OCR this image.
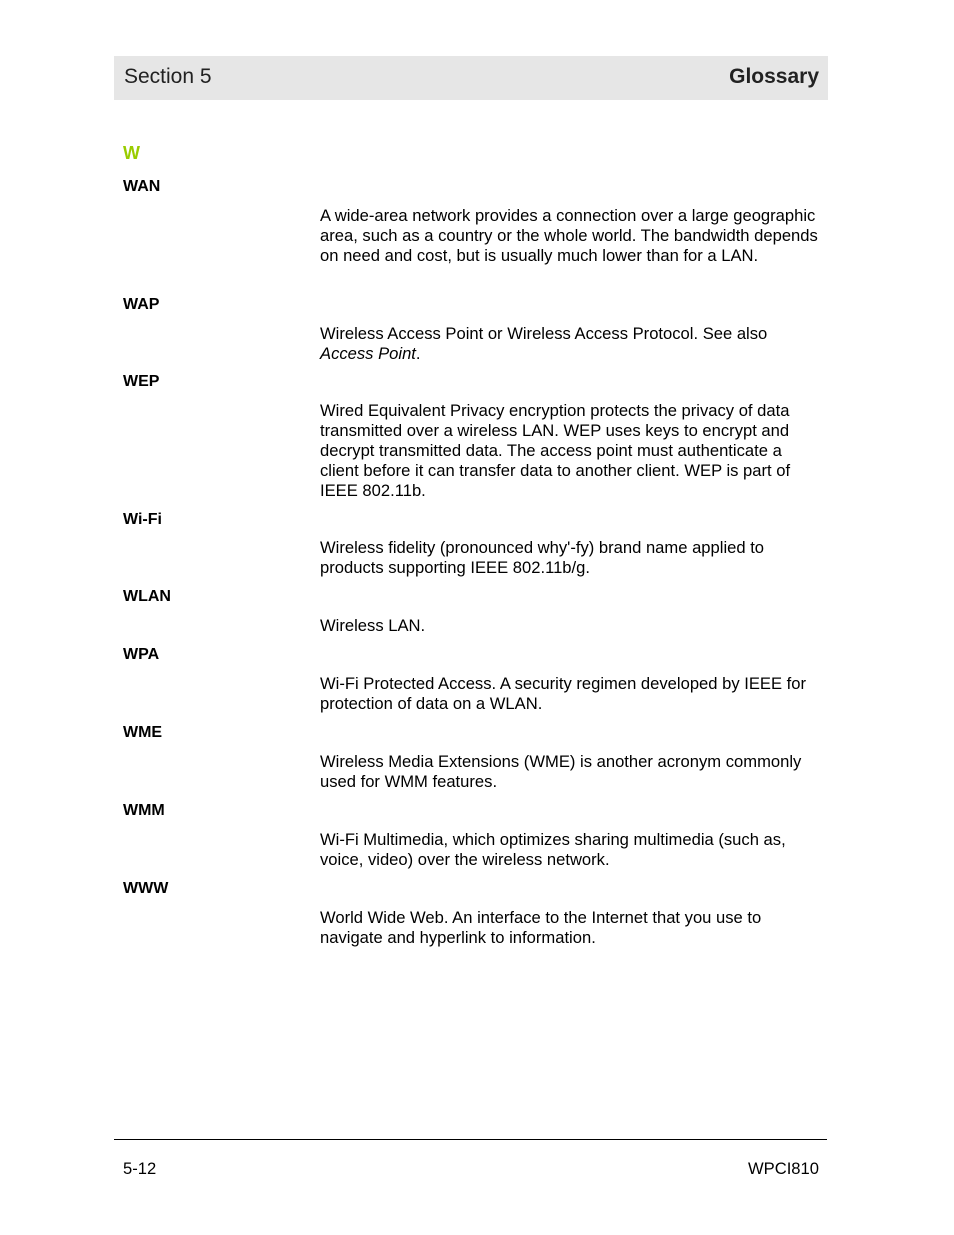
Section 5	Glossary
W
WAN
A wide-area network provides a connection over a large geographic area, such as a country or the whole world. The bandwidth depends on need and cost, but is usually much lower than for a LAN.
WAP
Wireless Access Point or Wireless Access Protocol. See also Access Point.
WEP
Wired Equivalent Privacy encryption protects the privacy of data transmitted over a wireless LAN. WEP uses keys to encrypt and decrypt transmitted data. The access point must authenticate a client before it can transfer data to another client. WEP is part of IEEE 802.11b.
Wi-Fi
Wireless fidelity (pronounced why'-fy) brand name applied to products supporting IEEE 802.11b/g.
WLAN
Wireless LAN.
WPA
Wi-Fi Protected Access. A security regimen developed by IEEE for protection of data on a WLAN.
WME
Wireless Media Extensions (WME) is another acronym commonly used for WMM features.
WMM
Wi-Fi Multimedia, which optimizes sharing multimedia (such as, voice, video) over the wireless network.
WWW
World Wide Web. An interface to the Internet that you use to navigate and hyperlink to information.
5-12	WPCI810
